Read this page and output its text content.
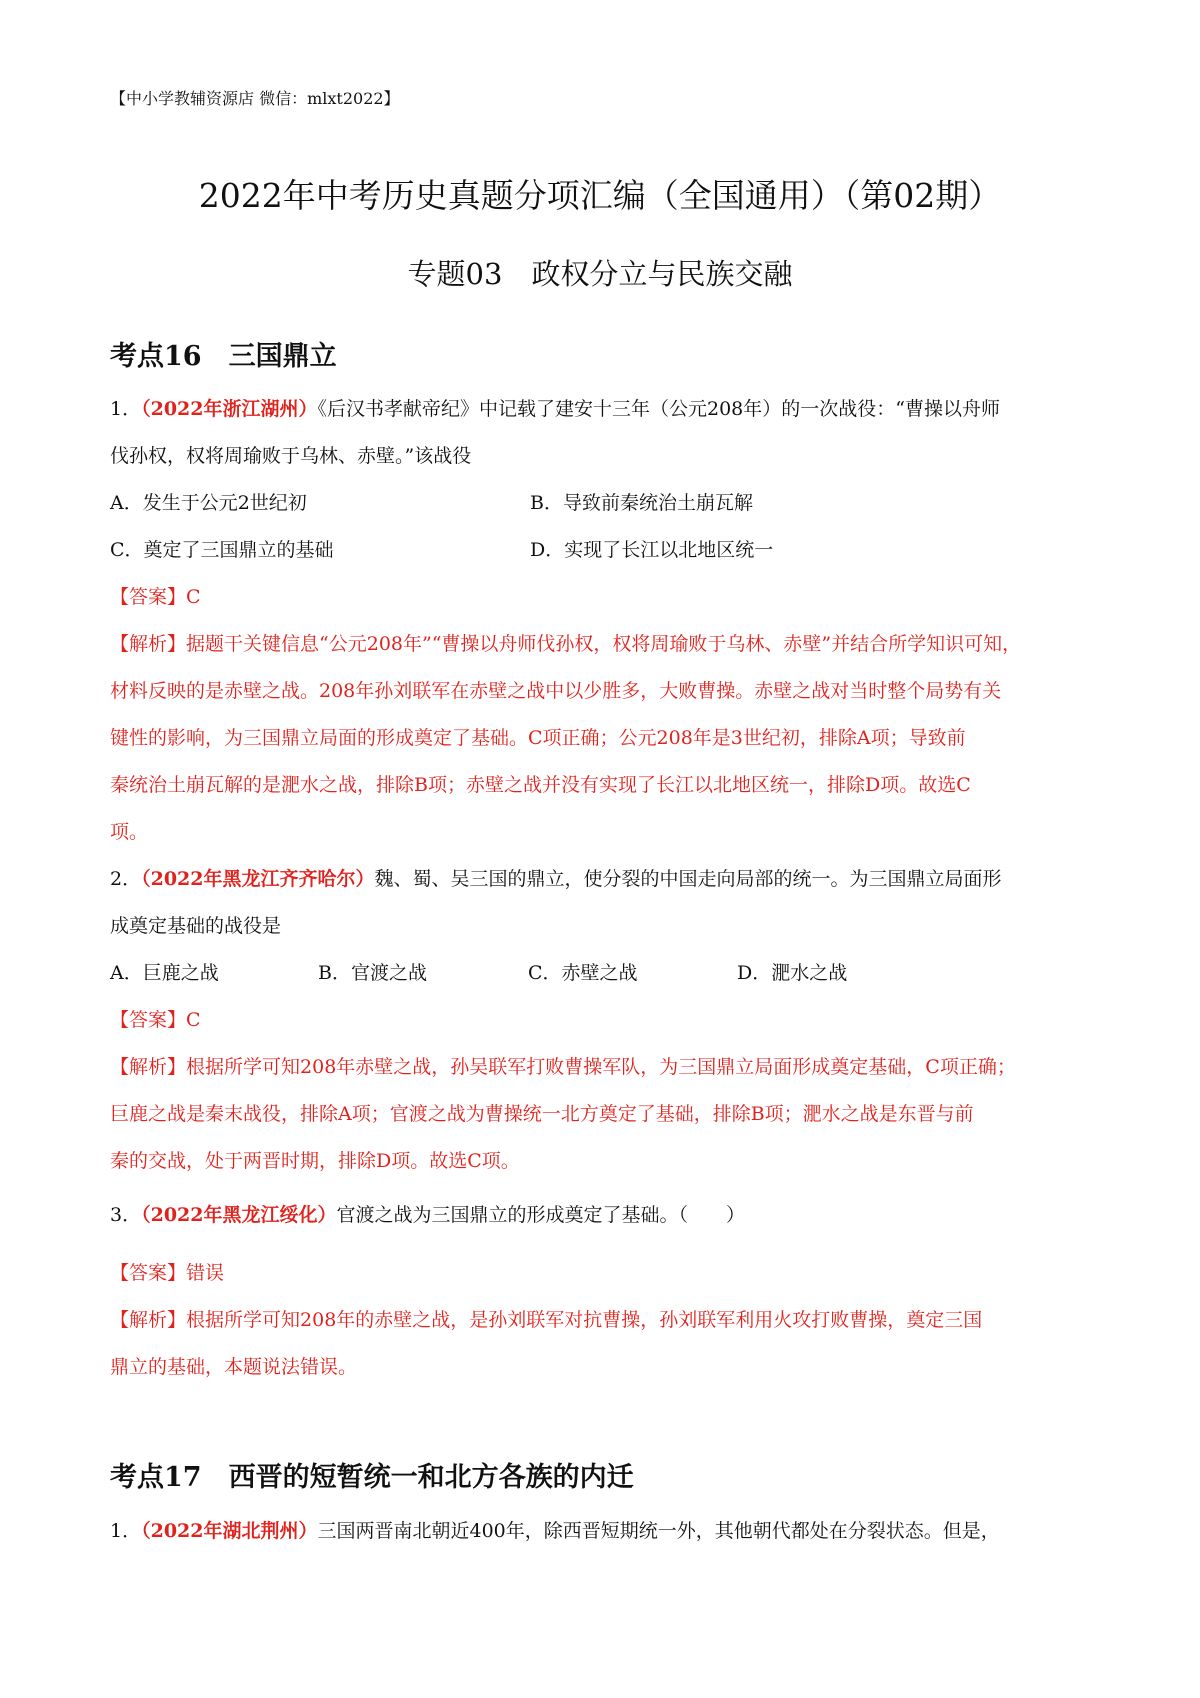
【中小学教辅资源店 微信：mlxt2022】
2022年中考历史真题分项汇编（全国通用）（第02期）
专题03　政权分立与民族交融
考点16　三国鼎立
1．（2022年浙江湖州）《后汉书孝献帝纪》中记载了建安十三年（公元208年）的一次战役：“曹操以舟师
伐孙权，权将周瑜败于乌林、赤壁。”该战役
A．发生于公元2世纪初	B．导致前秦统治土崩瓦解
C．奠定了三国鼎立的基础	D．实现了长江以北地区统一
【答案】C
【解析】据题干关键信息“公元208年”“曹操以舟师伐孙权，权将周瑜败于乌林、赤壁”并结合所学知识可知，
材料反映的是赤壁之战。208年孙刘联军在赤壁之战中以少胜多，大败曹操。赤壁之战对当时整个局势有关
键性的影响，为三国鼎立局面的形成奠定了基础。C项正确；公元208年是3世纪初，排除A项；导致前
秦统治土崩瓦解的是淝水之战，排除B项；赤壁之战并没有实现了长江以北地区统一，排除D项。故选C
项。
2．（2022年黑龙江齐齐哈尔）魏、蜀、吴三国的鼎立，使分裂的中国走向局部的统一。为三国鼎立局面形
成奠定基础的战役是
A．巨鹿之战	B．官渡之战	C．赤壁之战	D．淝水之战
【答案】C
【解析】根据所学可知208年赤壁之战，孙吴联军打败曹操军队，为三国鼎立局面形成奠定基础，C项正确；
巨鹿之战是秦末战役，排除A项；官渡之战为曹操统一北方奠定了基础，排除B项；淝水之战是东晋与前
秦的交战，处于两晋时期，排除D项。故选C项。
3．（2022年黑龙江绥化）官渡之战为三国鼎立的形成奠定了基础。（　　）
【答案】错误
【解析】根据所学可知208年的赤壁之战，是孙刘联军对抗曹操，孙刘联军利用火攻打败曹操，奠定三国
鼎立的基础，本题说法错误。
考点17　西晋的短暂统一和北方各族的内迁
1．（2022年湖北荆州）三国两晋南北朝近400年，除西晋短期统一外，其他朝代都处在分裂状态。但是，
